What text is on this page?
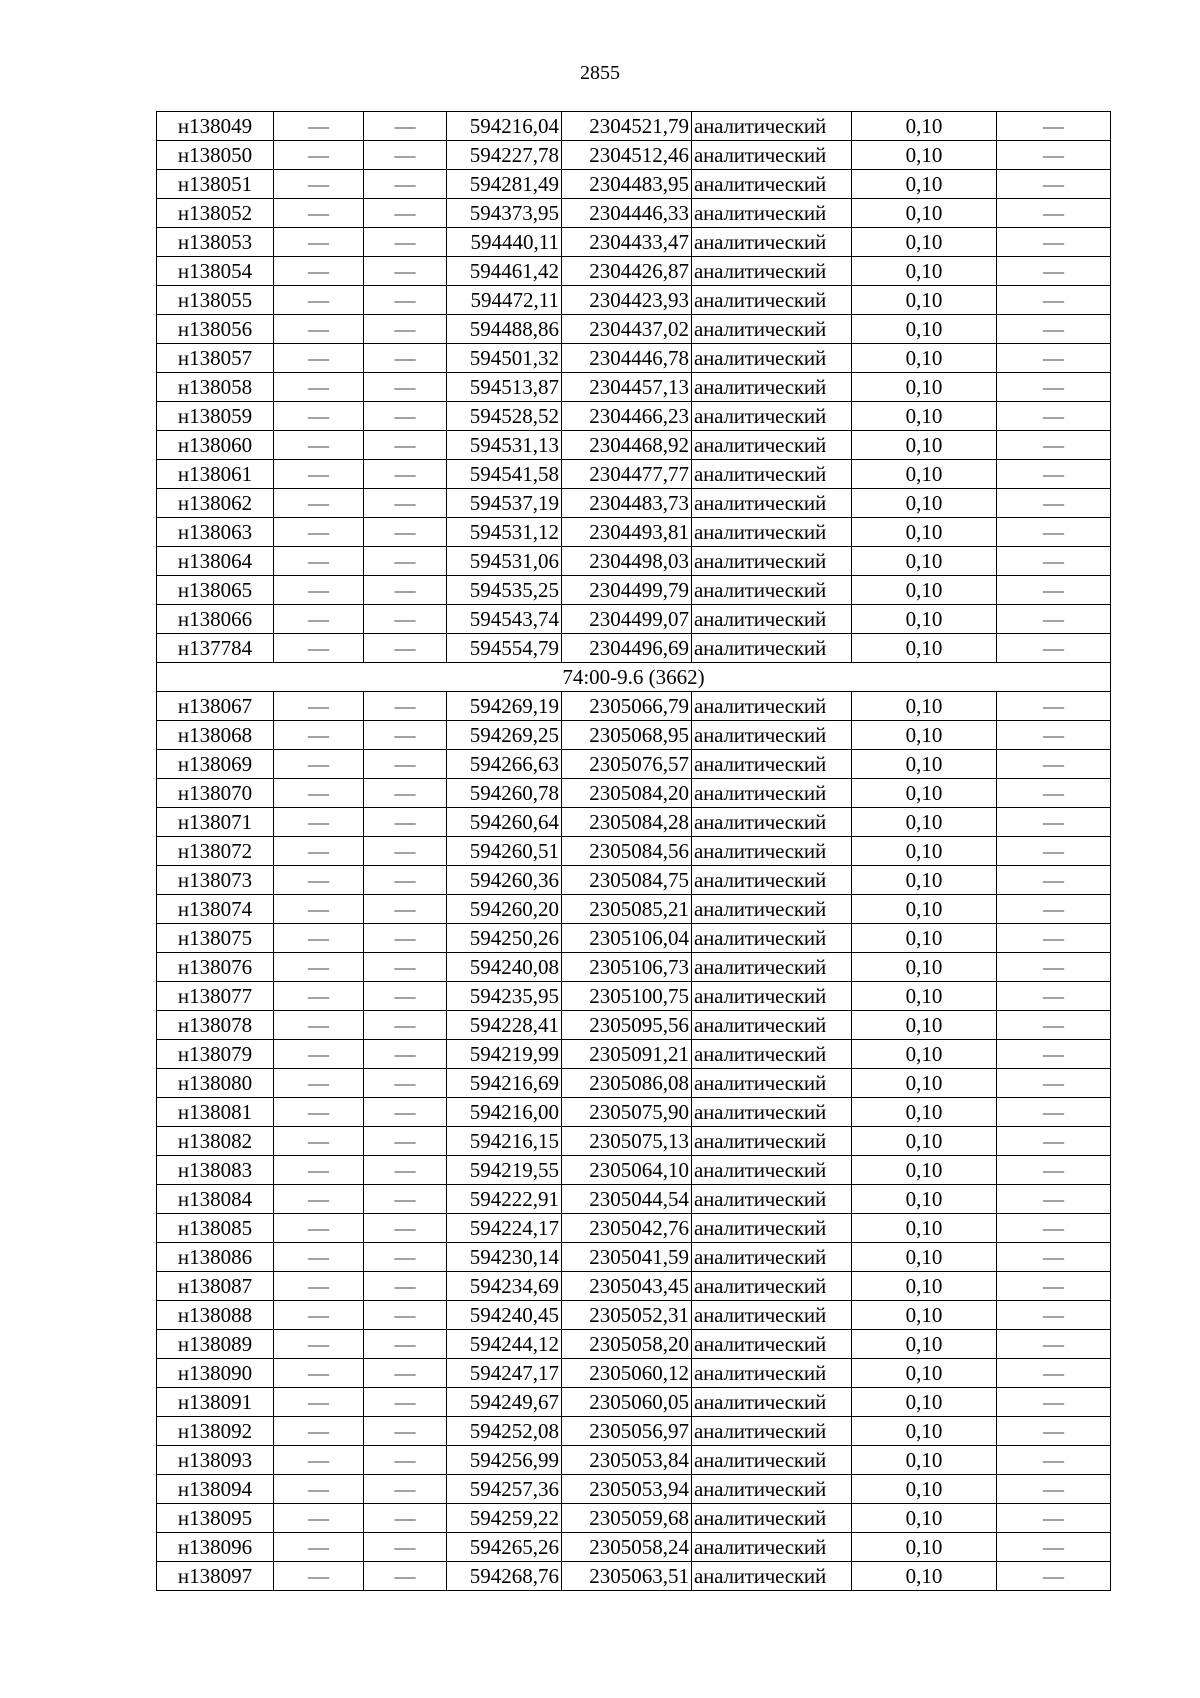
2855
н138049	—	—	594216,04	2304521,79	аналитический	0,10	—
н138050	—	—	594227,78	2304512,46	аналитический	0,10	—
н138051	—	—	594281,49	2304483,95	аналитический	0,10	—
н138052	—	—	594373,95	2304446,33	аналитический	0,10	—
н138053	—	—	594440,11	2304433,47	аналитический	0,10	—
н138054	—	—	594461,42	2304426,87	аналитический	0,10	—
н138055	—	—	594472,11	2304423,93	аналитический	0,10	—
н138056	—	—	594488,86	2304437,02	аналитический	0,10	—
н138057	—	—	594501,32	2304446,78	аналитический	0,10	—
н138058	—	—	594513,87	2304457,13	аналитический	0,10	—
н138059	—	—	594528,52	2304466,23	аналитический	0,10	—
н138060	—	—	594531,13	2304468,92	аналитический	0,10	—
н138061	—	—	594541,58	2304477,77	аналитический	0,10	—
н138062	—	—	594537,19	2304483,73	аналитический	0,10	—
н138063	—	—	594531,12	2304493,81	аналитический	0,10	—
н138064	—	—	594531,06	2304498,03	аналитический	0,10	—
н138065	—	—	594535,25	2304499,79	аналитический	0,10	—
н138066	—	—	594543,74	2304499,07	аналитический	0,10	—
н137784	—	—	594554,79	2304496,69	аналитический	0,10	—
74:00-9.6 (3662)							
н138067	—	—	594269,19	2305066,79	аналитический	0,10	—
н138068	—	—	594269,25	2305068,95	аналитический	0,10	—
н138069	—	—	594266,63	2305076,57	аналитический	0,10	—
н138070	—	—	594260,78	2305084,20	аналитический	0,10	—
н138071	—	—	594260,64	2305084,28	аналитический	0,10	—
н138072	—	—	594260,51	2305084,56	аналитический	0,10	—
н138073	—	—	594260,36	2305084,75	аналитический	0,10	—
н138074	—	—	594260,20	2305085,21	аналитический	0,10	—
н138075	—	—	594250,26	2305106,04	аналитический	0,10	—
н138076	—	—	594240,08	2305106,73	аналитический	0,10	—
н138077	—	—	594235,95	2305100,75	аналитический	0,10	—
н138078	—	—	594228,41	2305095,56	аналитический	0,10	—
н138079	—	—	594219,99	2305091,21	аналитический	0,10	—
н138080	—	—	594216,69	2305086,08	аналитический	0,10	—
н138081	—	—	594216,00	2305075,90	аналитический	0,10	—
н138082	—	—	594216,15	2305075,13	аналитический	0,10	—
н138083	—	—	594219,55	2305064,10	аналитический	0,10	—
н138084	—	—	594222,91	2305044,54	аналитический	0,10	—
н138085	—	—	594224,17	2305042,76	аналитический	0,10	—
н138086	—	—	594230,14	2305041,59	аналитический	0,10	—
н138087	—	—	594234,69	2305043,45	аналитический	0,10	—
н138088	—	—	594240,45	2305052,31	аналитический	0,10	—
н138089	—	—	594244,12	2305058,20	аналитический	0,10	—
н138090	—	—	594247,17	2305060,12	аналитический	0,10	—
н138091	—	—	594249,67	2305060,05	аналитический	0,10	—
н138092	—	—	594252,08	2305056,97	аналитический	0,10	—
н138093	—	—	594256,99	2305053,84	аналитический	0,10	—
н138094	—	—	594257,36	2305053,94	аналитический	0,10	—
н138095	—	—	594259,22	2305059,68	аналитический	0,10	—
н138096	—	—	594265,26	2305058,24	аналитический	0,10	—
н138097	—	—	594268,76	2305063,51	аналитический	0,10	—
